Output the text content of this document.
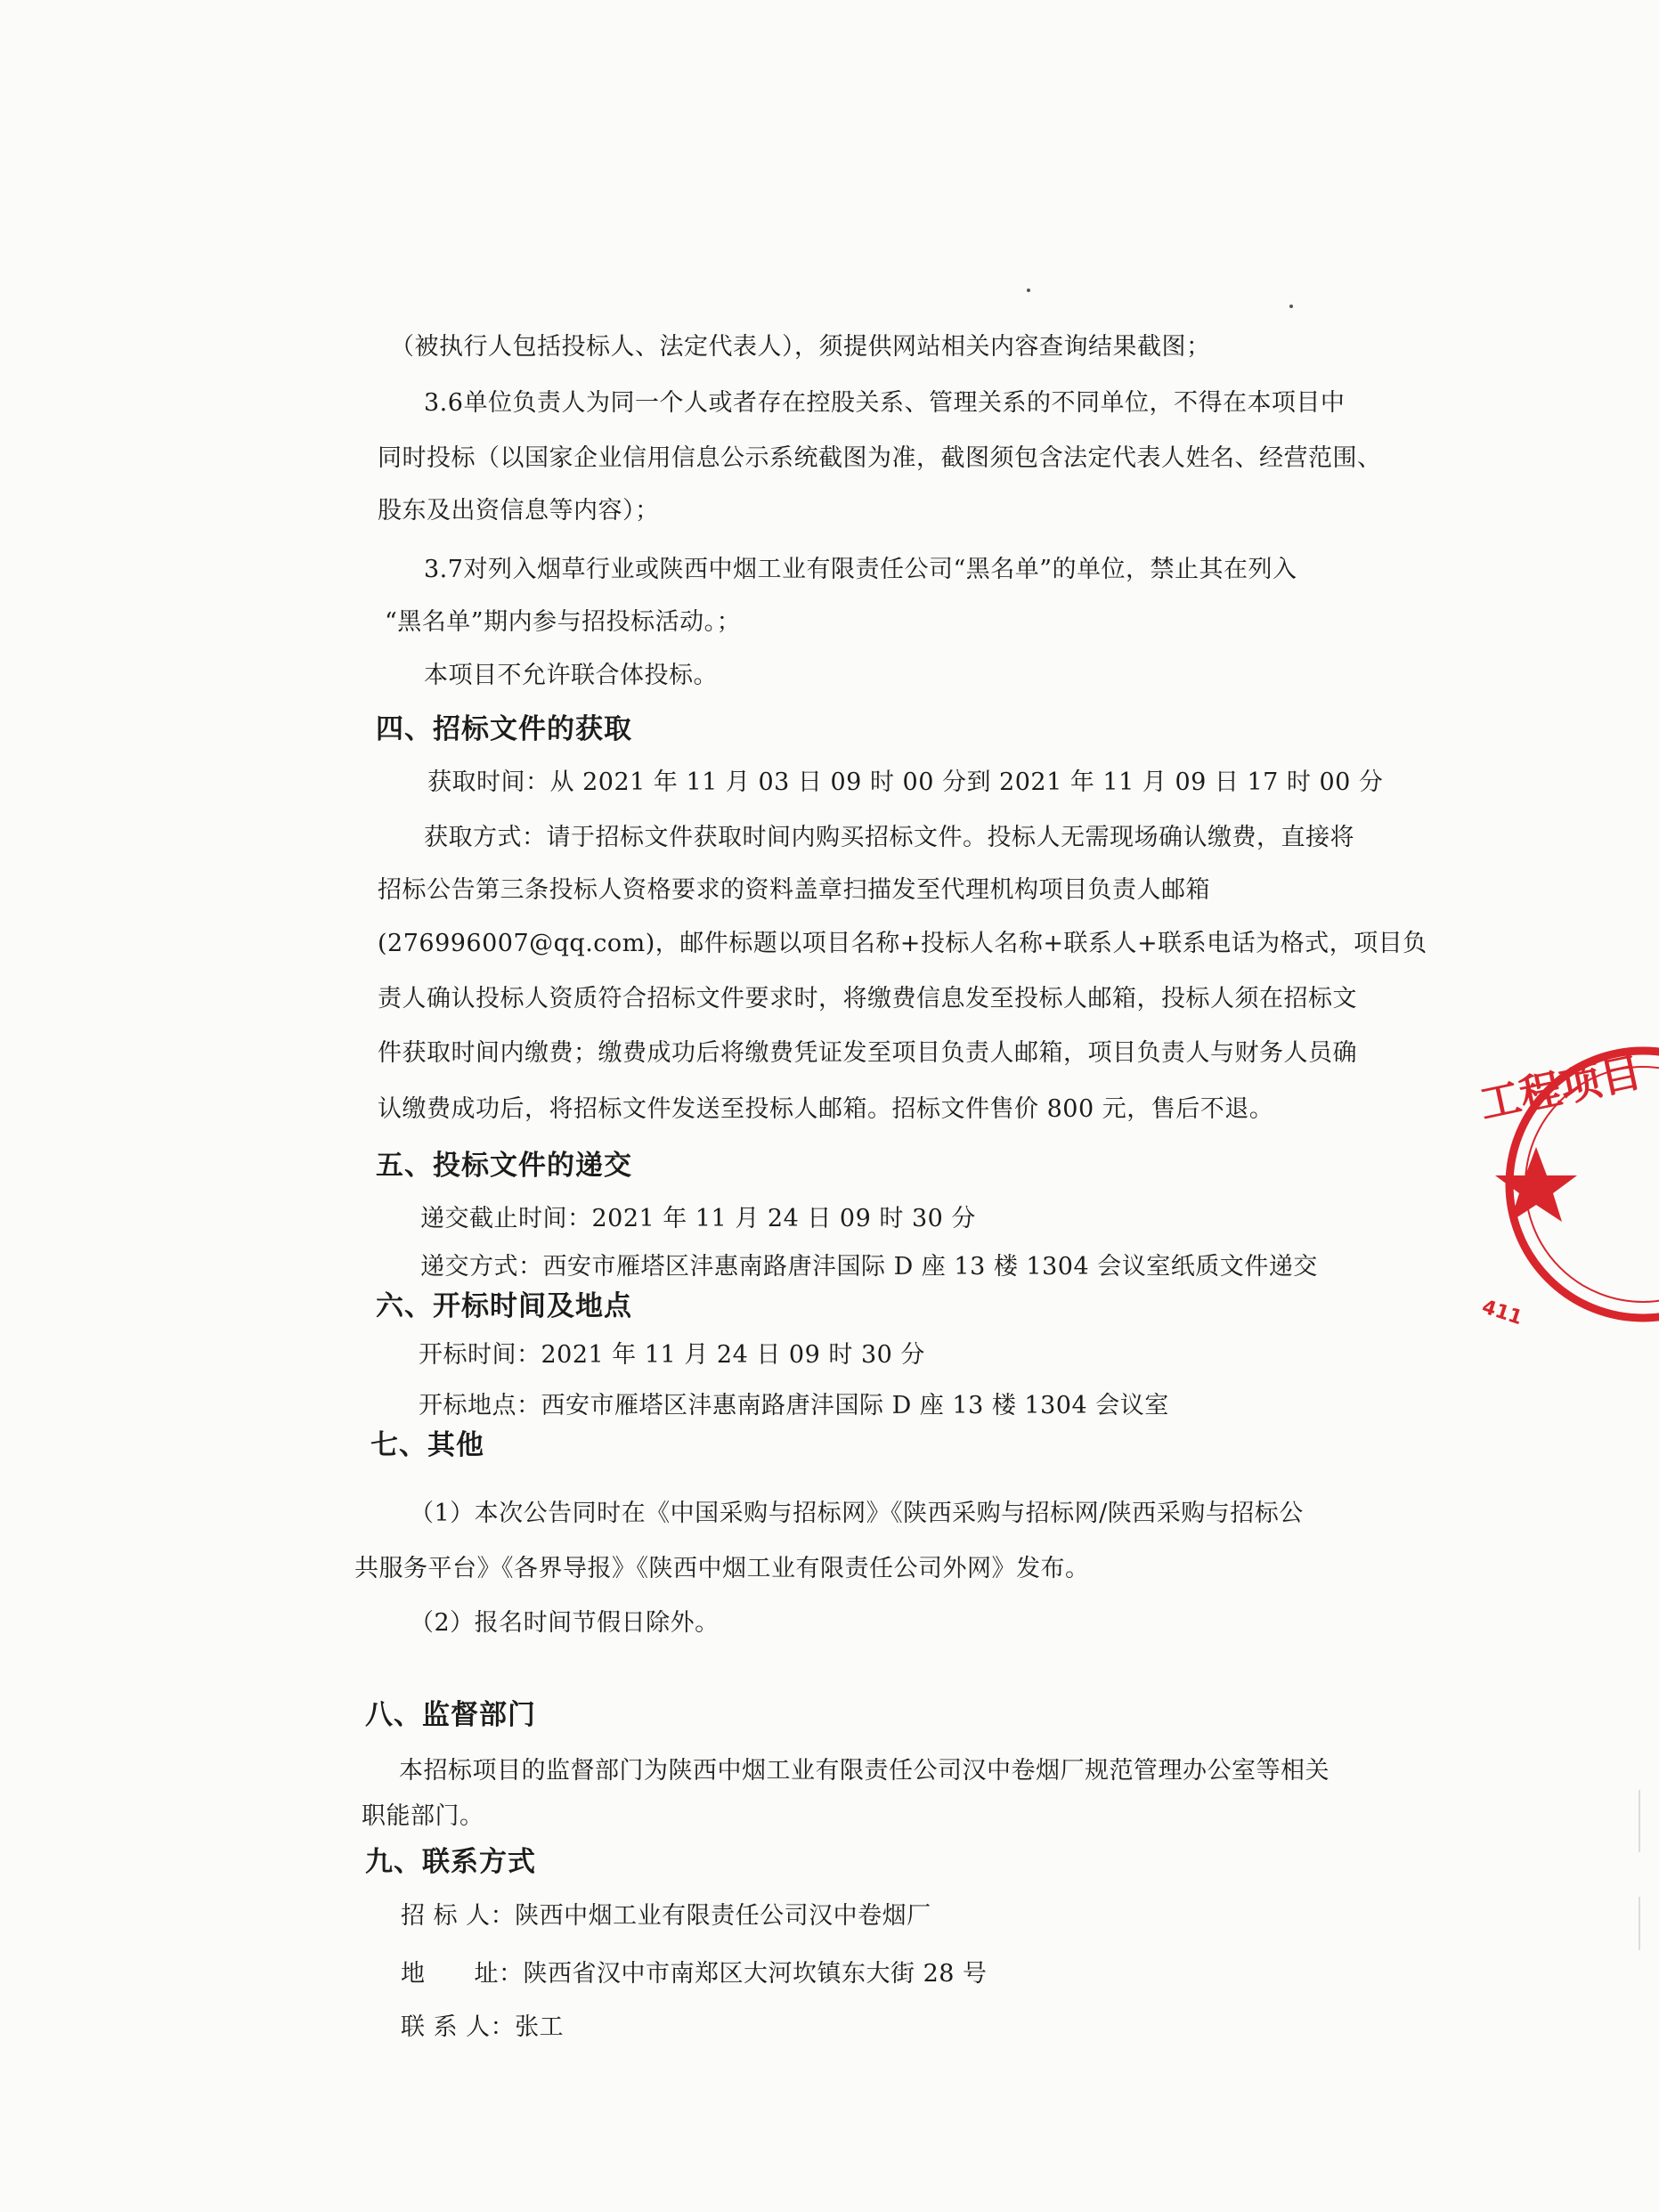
（被执行人包括投标人、法定代表人），须提供网站相关内容查询结果截图；
3.6单位负责人为同一个人或者存在控股关系、管理关系的不同单位，不得在本项目中
同时投标（以国家企业信用信息公示系统截图为准，截图须包含法定代表人姓名、经营范围、
股东及出资信息等内容）；
3.7对列入烟草行业或陕西中烟工业有限责任公司“黑名单”的单位，禁止其在列入
“黑名单”期内参与招投标活动。；
本项目不允许联合体投标。
四、招标文件的获取
获取时间：从 2021 年 11 月 03 日 09 时 00 分到 2021 年 11 月 09 日 17 时 00 分
获取方式：请于招标文件获取时间内购买招标文件。投标人无需现场确认缴费，直接将
招标公告第三条投标人资格要求的资料盖章扫描发至代理机构项目负责人邮箱
(276996007@qq.com)，邮件标题以项目名称+投标人名称+联系人+联系电话为格式，项目负
责人确认投标人资质符合招标文件要求时，将缴费信息发至投标人邮箱，投标人须在招标文
件获取时间内缴费；缴费成功后将缴费凭证发至项目负责人邮箱，项目负责人与财务人员确
认缴费成功后，将招标文件发送至投标人邮箱。招标文件售价 800 元，售后不退。
五、投标文件的递交
递交截止时间：2021 年 11 月 24 日 09 时 30 分
递交方式：西安市雁塔区沣惠南路唐沣国际 D 座 13 楼 1304 会议室纸质文件递交
六、开标时间及地点
开标时间：2021 年 11 月 24 日 09 时 30 分
开标地点：西安市雁塔区沣惠南路唐沣国际 D 座 13 楼 1304 会议室
七、其他
（1）本次公告同时在《中国采购与招标网》《陕西采购与招标网/陕西采购与招标公
共服务平台》《各界导报》《陕西中烟工业有限责任公司外网》发布。
（2）报名时间节假日除外。
八、监督部门
本招标项目的监督部门为陕西中烟工业有限责任公司汉中卷烟厂规范管理办公室等相关
职能部门。
九、联系方式
招 标 人：陕西中烟工业有限责任公司汉中卷烟厂
地　　址：陕西省汉中市南郑区大河坎镇东大街 28 号
联 系 人：张工
工程项目
411
